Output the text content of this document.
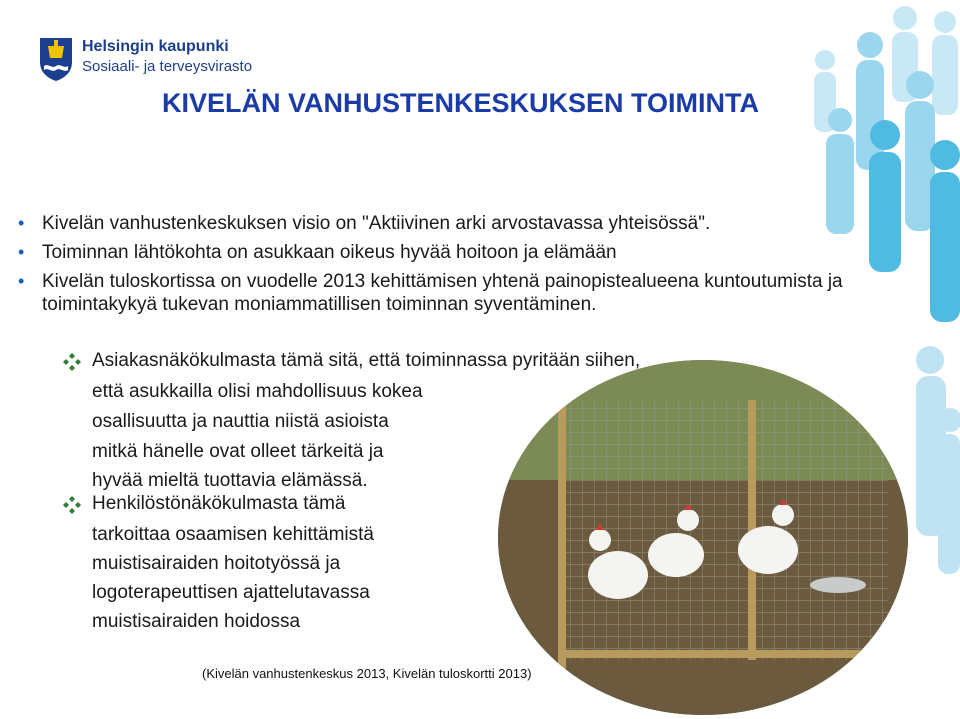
Helsingin kaupunki
Sosiaali- ja terveysvirasto
KIVELÄN VANHUSTENKESKUKSEN TOIMINTA
• Kivelän vanhustenkeskuksen visio on "Aktiivinen arki arvostavassa yhteisössä".
• Toiminnan lähtökohta on asukkaan oikeus hyvää hoitoon ja elämään
• Kivelän tuloskortissa on vuodelle 2013 kehittämisen yhtenä painopistealueena kuntoutumista ja toimintakykyä tukevan moniammatillisen toiminnan syventäminen.
Asiakasnäkökulmasta tämä sitä, että toiminnassa pyritään siihen,
että asukkailla olisi mahdollisuus kokea
osallisuutta ja nauttia niistä asioista
mitkä hänelle ovat olleet tärkeitä ja
hyvää mieltä tuottavia elämässä.
Henkilöstönäkökulmasta tämä
tarkoittaa osaamisen kehittämistä
muistisairaiden hoitotyössä ja
logoterapeuttisen ajattelutavassa
muistisairaiden hoidossa
(Kivelän vanhustenkeskus 2013, Kivelän tuloskortti 2013)
